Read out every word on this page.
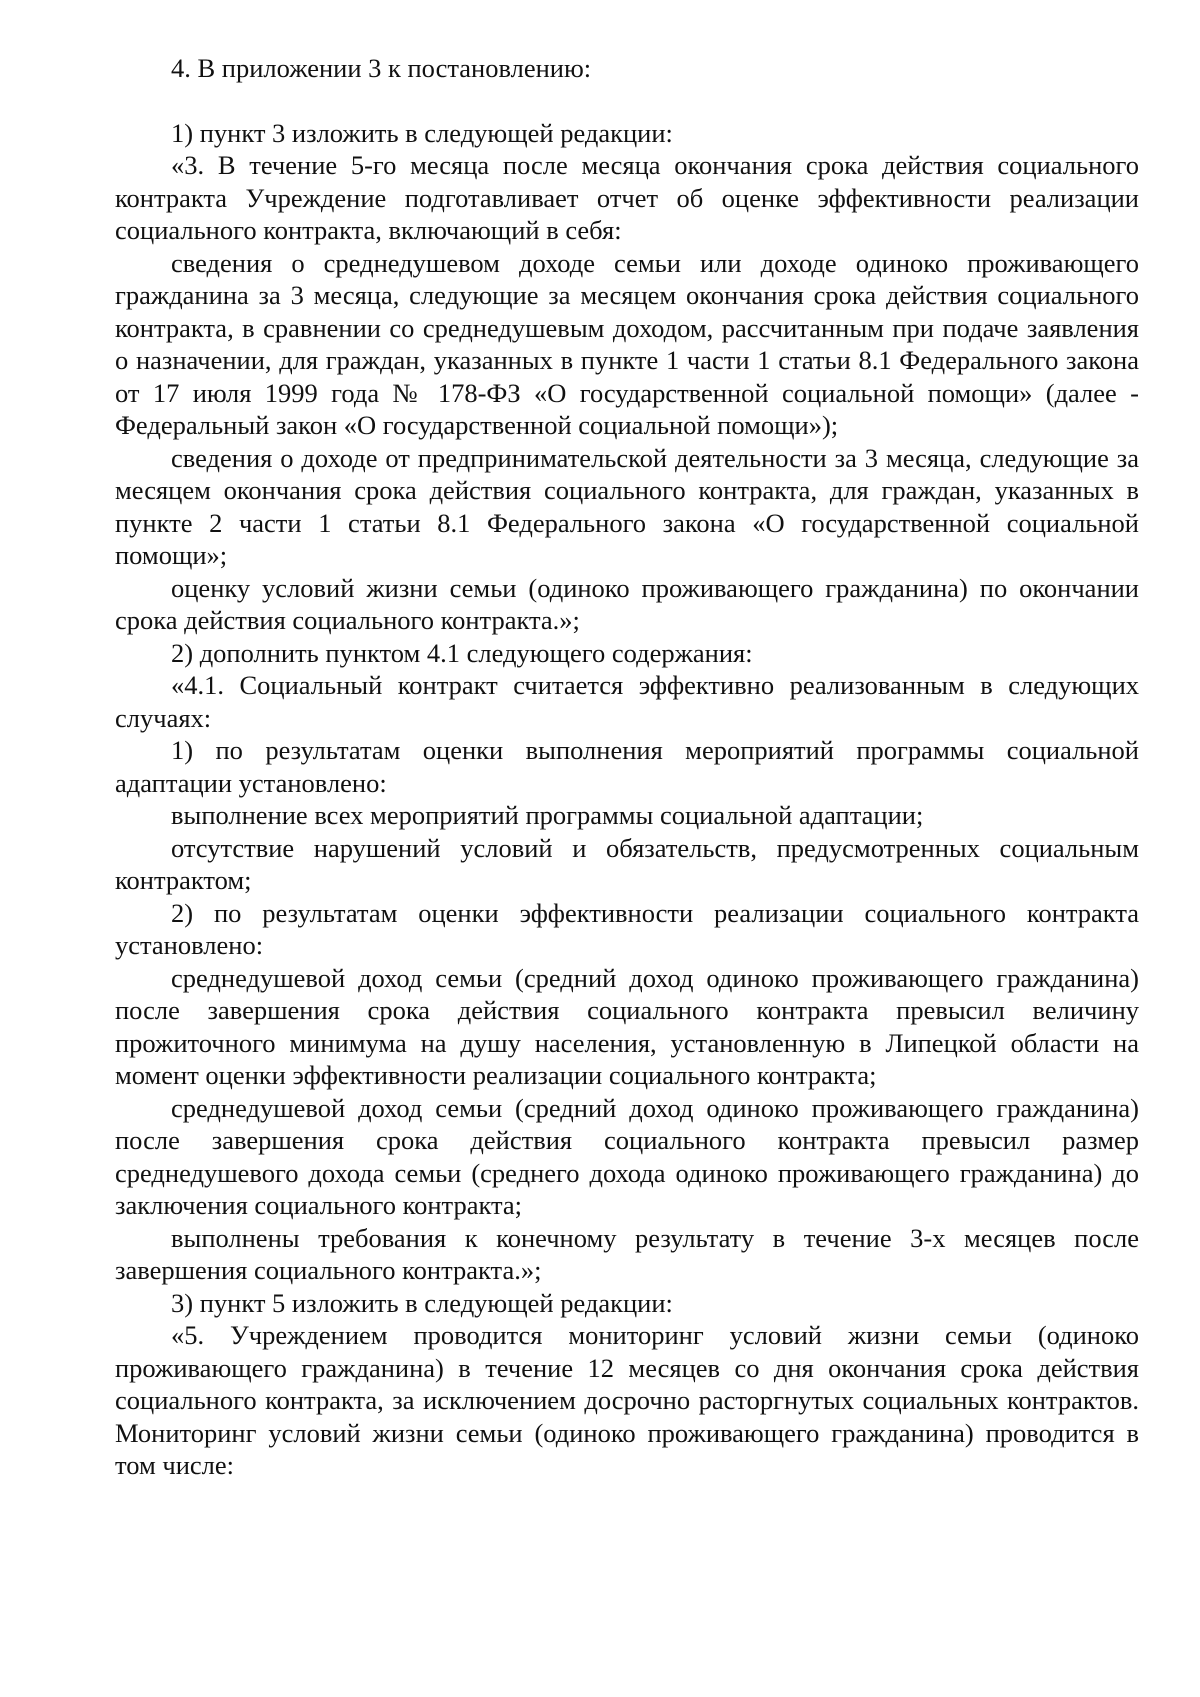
4. В приложении 3 к постановлению:

1) пункт 3 изложить в следующей редакции:

«3. В течение 5-го месяца после месяца окончания срока действия социального контракта Учреждение подготавливает отчет об оценке эффективности реализации социального контракта, включающий в себя:

сведения о среднедушевом доходе семьи или доходе одиноко проживающего гражданина за 3 месяца, следующие за месяцем окончания срока действия социального контракта, в сравнении со среднедушевым доходом, рассчитанным при подаче заявления о назначении, для граждан, указанных в пункте 1 части 1 статьи 8.1 Федерального закона от 17 июля 1999 года № 178-ФЗ «О государственной социальной помощи» (далее - Федеральный закон «О государственной социальной помощи»);

сведения о доходе от предпринимательской деятельности за 3 месяца, следующие за месяцем окончания срока действия социального контракта, для граждан, указанных в пункте 2 части 1 статьи 8.1 Федерального закона «О государственной социальной помощи»;

оценку условий жизни семьи (одиноко проживающего гражданина) по окончании срока действия социального контракта.»;

2) дополнить пунктом 4.1 следующего содержания:

«4.1. Социальный контракт считается эффективно реализованным в следующих случаях:

1) по результатам оценки выполнения мероприятий программы социальной адаптации установлено:

выполнение всех мероприятий программы социальной адаптации;

отсутствие нарушений условий и обязательств, предусмотренных социальным контрактом;

2) по результатам оценки эффективности реализации социального контракта установлено:

среднедушевой доход семьи (средний доход одиноко проживающего гражданина) после завершения срока действия социального контракта превысил величину прожиточного минимума на душу населения, установленную в Липецкой области на момент оценки эффективности реализации социального контракта;

среднедушевой доход семьи (средний доход одиноко проживающего гражданина) после завершения срока действия социального контракта превысил размер среднедушевого дохода семьи (среднего дохода одиноко проживающего гражданина) до заключения социального контракта;

выполнены требования к конечному результату в течение 3-х месяцев после завершения социального контракта.»;

3) пункт 5 изложить в следующей редакции:

«5. Учреждением проводится мониторинг условий жизни семьи (одиноко проживающего гражданина) в течение 12 месяцев со дня окончания срока действия социального контракта, за исключением досрочно расторгнутых социальных контрактов. Мониторинг условий жизни семьи (одиноко проживающего гражданина) проводится в том числе:
